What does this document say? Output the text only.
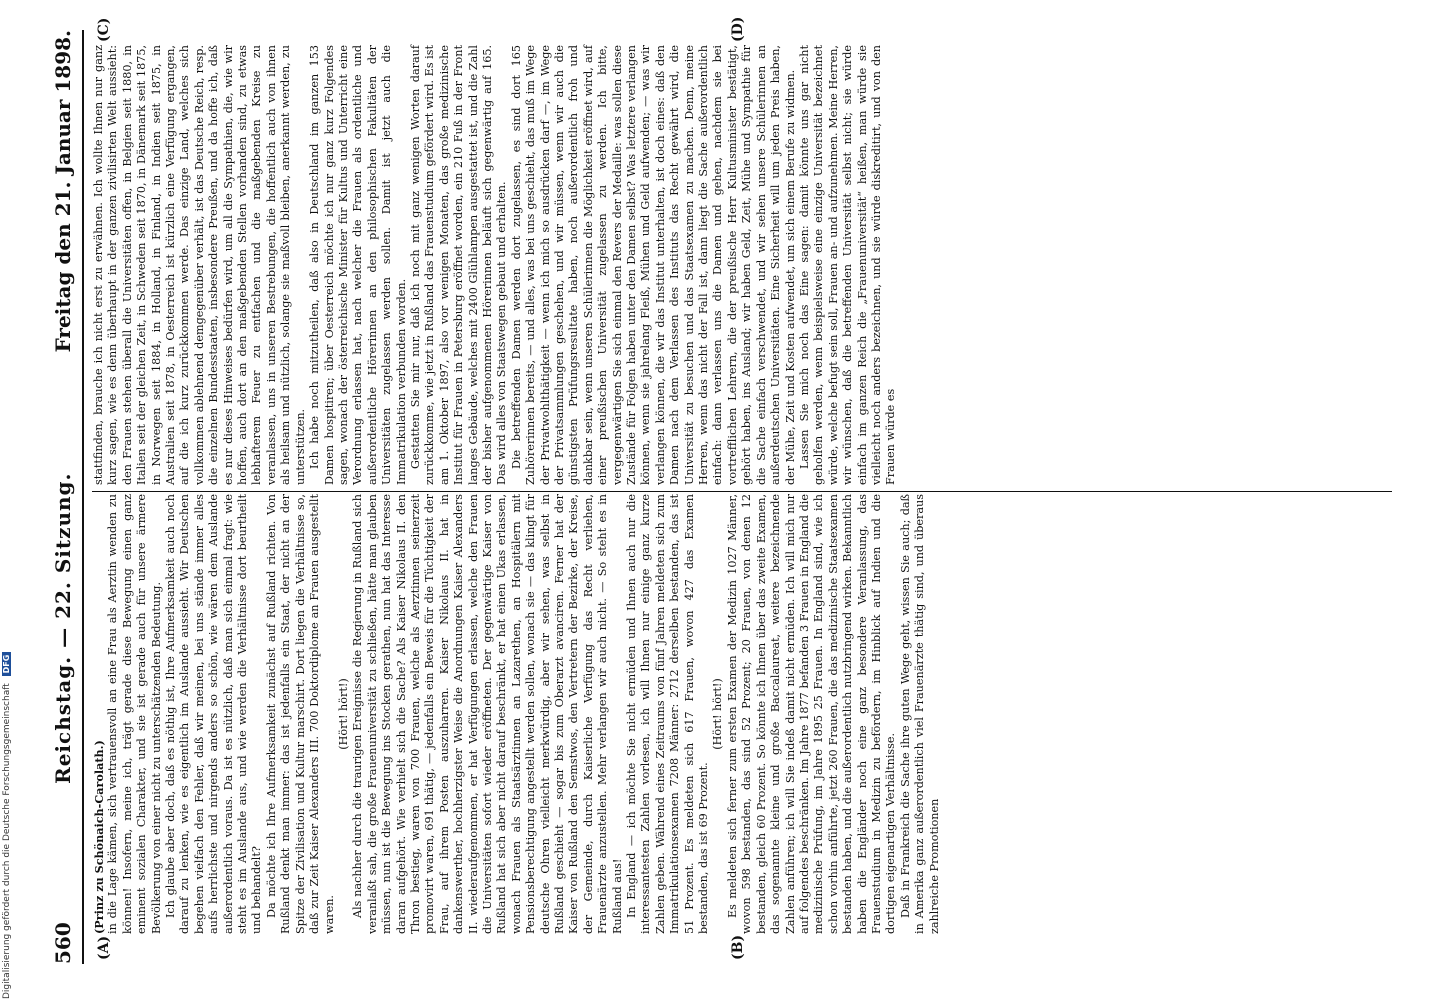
560
Reichstag. — 22. Sitzung.
Freitag den 21. Januar 1898.
(A)	(B)
(C)	(D)

(Prinz zu Schönaich-Carolath.) in die Lage kämen, sich vertrauensvoll an eine Frau als Aerztin wenden zu können! Insofern, meine ich, trägt gerade diese Bewegung einen ganz eminent sozialen Charakter, und sie ist gerade auch für unsere ärmere Bevölkerung von einer nicht zu unterschätzenden Bedeutung. Ich glaube aber doch, daß es nöthig ist, Ihre Aufmerksamkeit auch noch darauf zu lenken, wie es eigentlich im Auslande aussieht. Wir Deutschen begehen vielfach den Fehler, daß wir meinen, bei uns stände immer alles aufs herrlichste und nirgends anders so schön, wie wären dem Auslande außerordentlich voraus. Da ist es nützlich, daß man sich einmal fragt: wie steht es im Auslande aus, und wie werden die Verhältnisse dort beurtheilt und behandelt? Da möchte ich Ihre Aufmerksamkeit zunächst auf Rußland richten. Von Rußland denkt man immer: das ist jedenfalls ein Staat, der nicht an der Spitze der Zivilisation und Kultur marschirt. Dort liegen die Verhältnisse so, daß zur Zeit Kaiser Alexanders III. 700 Doktordiplome an Frauen ausgestellt waren.

(Hört! hört!) Als nachher durch die traurigen Ereignisse die Regierung in Rußland sich veranlaßt sah, die große Frauenuniversität zu schließen, hätte man glauben müssen, nun ist die Bewegung ins Stocken gerathen, nun hat das Interesse daran aufgehört. Wie verhielt sich die Sache? Als Kaiser Nikolaus II. den Thron bestieg, waren von 700 Frauen, welche als Aerztinnen seinerzeit promovirt waren, 691 thätig, — jedenfalls ein Beweis für die Tüchtigkeit der Frau, auf ihrem Posten auszuharren. Kaiser Nikolaus II. hat in dankenswerther, hochherzigster Weise die Anordnungen Kaiser Alexanders II. wiederaufgenommen, er hat Verfügungen erlassen, welche den Frauen die Universitäten sofort wieder eröffneten. Der gegenwärtige Kaiser von Rußland hat sich aber nicht darauf beschränkt, er hat einen Ukas erlassen, wonach Frauen als Staatsärztinnen an Lazarethen, an Hospitälern mit Pensionsberechtigung angestellt werden sollen, wonach sie — das klingt für deutsche Ohren vielleicht merkwürdig, aber wir sehen, was selbst in Rußland geschieht — sogar bis zum Oberarzt avanciren. Ferner hat der Kaiser von Rußland den Semstwos, den Vertretern der Bezirke, der Kreise, der Gemeinde, durch Kaiserliche Verfügung das Recht verliehen, Frauenärzte anzustellen. Mehr verlangen wir auch nicht. — So steht es in Rußland aus! In England — ich möchte Sie nicht ermüden und Ihnen auch nur die interessantesten Zahlen vorlesen, ich will Ihnen nur einige ganz kurze Zahlen geben. Während eines Zeitraums von fünf Jahren meldeten sich zum Immatrikulationsexamen 7208 Männer: 2712 derselben bestanden, das ist 51 Prozent. Es meldeten sich 617 Frauen, wovon 427 das Examen bestanden, das ist 69 Prozent.

(Hört! hört!) Es meldeten sich ferner zum ersten Examen der Medizin 1027 Männer, wovon 598 bestanden, das sind 52 Prozent; 20 Frauen, von denen 12 bestanden, gleich 60 Prozent. So könnte ich Ihnen über das zweite Examen, das sogenannte kleine und große Baccalaureat, weitere bezeichnende Zahlen anführen; ich will Sie indeß damit nicht ermüden. Ich will mich nur auf folgendes beschränken. Im Jahre 1877 befanden 3 Frauen in England die medizinische Prüfung, im Jahre 1895 25 Frauen. In England sind, wie ich schon vorhin anführte, jetzt 260 Frauen, die das medizinische Staatsexamen bestanden haben, und die außerordentlich nutzbringend wirken. Bekanntlich haben die Engländer noch eine ganz besondere Veranlassung, das Frauenstudium in Medizin zu befördern, im Hinblick auf Indien und die dortigen eigenartigen Verhältnisse. Daß in Frankreich die Sache ihre guten Wege geht, wissen Sie auch; daß in Amerika ganz außerordentlich viel Frauenärzte thätig sind, und überaus zahlreiche Promotionen

stattfinden, brauche ich nicht erst zu erwähnen. Ich wollte Ihnen nur ganz kurz sagen, wie es denn überhaupt in der ganzen zivilisirten Welt aussieht: den Frauen stehen überall die Universitäten offen, in Belgien seit 1880, in Italien seit der gleichen Zeit, in Schweden seit 1870, in Dänemark seit 1875, in Norwegen seit 1884, in Holland, in Finland, in Indien seit 1875, in Australien seit 1878, in Oesterreich ist kürzlich eine Verfügung ergangen, auf die ich kurz zurückkommen werde. Das einzige Land, welches sich vollkommen ablehnend demgegenüber verhält, ist das Deutsche Reich, resp. die einzelnen Bundesstaaten, insbesondere Preußen, und da hoffe ich, daß es nur dieses Hinweises bedürfen wird, um all die Sympathien, die, wie wir hoffen, auch dort an den maßgebenden Stellen vorhanden sind, zu etwas lebhafterem Feuer zu entfachen und die maßgebenden Kreise zu veranlassen, uns in unseren Bestrebungen, die hoffentlich auch von ihnen als heilsam und nützlich, solange sie maßvoll bleiben, anerkannt werden, zu unterstützen. Ich habe noch mitzutheilen, daß also in Deutschland im ganzen 153 Damen hospitiren; über Oesterreich möchte ich nur ganz kurz Folgendes sagen, wonach der österreichische Minister für Kultus und Unterricht eine Verordnung erlassen hat, nach welcher die Frauen als ordentliche und außerordentliche Hörerinnen an den philosophischen Fakultäten der Universitäten zugelassen werden sollen. Damit ist jetzt auch die Immatrikulation verbunden worden. Gestatten Sie mir nur, daß ich noch mit ganz wenigen Worten darauf zurückkomme, wie jetzt in Rußland das Frauenstudium gefördert wird. Es ist am 1. Oktober 1897, also vor wenigen Monaten, das große medizinische Institut für Frauen in Petersburg eröffnet worden, ein 210 Fuß in der Front langes Gebäude, welches mit 2400 Glühlampen ausgestattet ist, und die Zahl der bisher aufgenommenen Hörerinnen beläuft sich gegenwärtig auf 165. Das wird alles von Staatswegen gebaut und erhalten. Die betreffenden Damen werden dort zugelassen, es sind dort 165 Zuhörerinnen bereits, — und alles, was bei uns geschieht, das muß im Wege der Privatwohlthätigkeit — wenn ich mich so ausdrücken darf —, im Wege der Privatsammlungen geschehen, und wir müssen, wenn wir auch die günstigsten Prüfungsresultate haben, noch außerordentlich froh und dankbar sein, wenn unseren Schülerinnen die Möglichkeit eröffnet wird, auf einer preußischen Universität zugelassen zu werden. Ich bitte, vergegenwärtigen Sie sich einmal den Revers der Medaille: was sollen diese Zustände für Folgen haben unter den Damen selbst? Was letztere verlangen können, wenn sie jahrelang Fleiß, Mühen und Geld aufwenden; — was wir verlangen können, die wir das Institut unterhalten, ist doch eines: daß den Damen nach dem Verlassen des Instituts das Recht gewährt wird, die Universität zu besuchen und das Staatsexamen zu machen. Denn, meine Herren, wenn das nicht der Fall ist, dann liegt die Sache außerordentlich einfach: dann verlassen uns die Damen und gehen, nachdem sie bei vortrefflichen Lehrern, die der preußische Herr Kultusminister bestätigt, gehört haben, ins Ausland; wir haben Geld, Zeit, Mühe und Sympathie für die Sache einfach verschwendet, und wir sehen unsere Schülerinnen an außerdeutschen Universitäten. Eine Sicherheit will um jeden Preis haben, der Mühe, Zeit und Kosten aufwendet, um sich einem Berufe zu widmen. Lassen Sie mich noch das Eine sagen: damit könnte uns gar nicht geholfen werden, wenn beispielsweise eine einzige Universität bezeichnet würde, welche befugt sein soll, Frauen an- und aufzunehmen. Meine Herren, wir wünschen, daß die betreffenden Universität selbst nicht; sie würde einfach im ganzen Reich die „Frauenuniversität“ heißen, man würde sie vielleicht noch anders bezeichnen, und sie würde diskreditirt, und von den Frauen würde es

Digitalisierung gefördert durch die Deutsche Forschungsgemeinschaft DFG
